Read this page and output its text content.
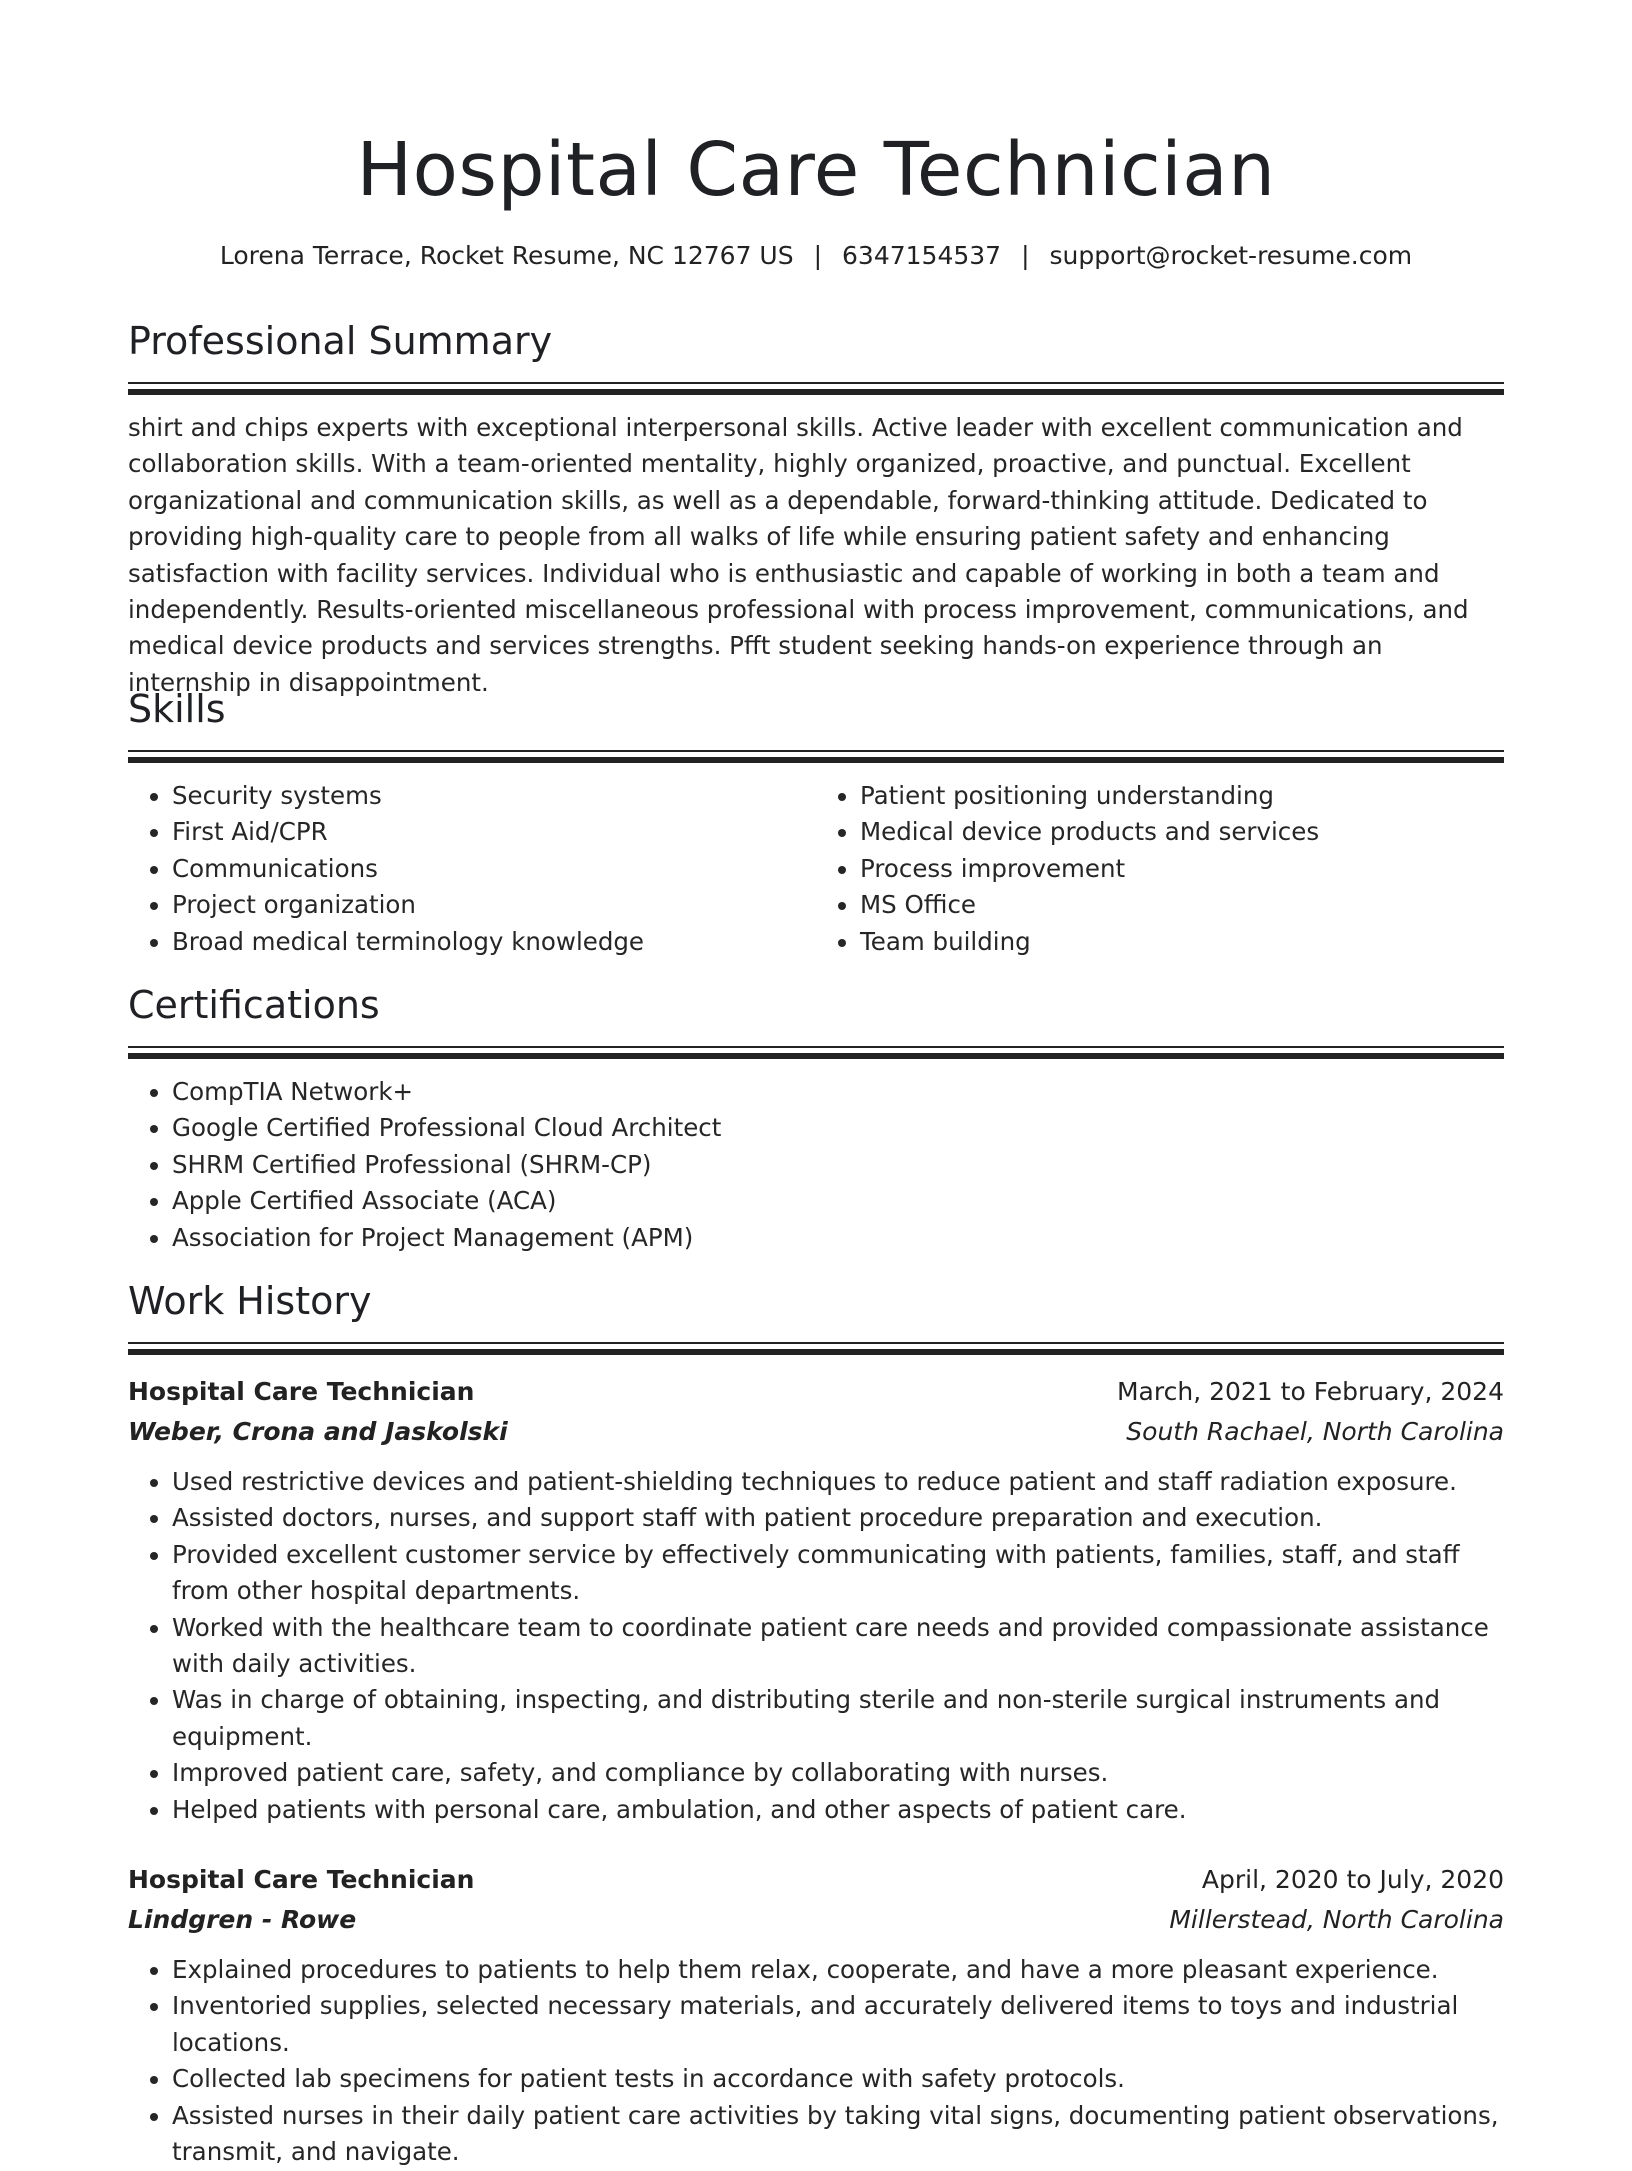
Hospital Care Technician
Lorena Terrace, Rocket Resume, NC 12767 US | 6347154537 | support@rocket-resume.com
Professional Summary

shirt and chips experts with exceptional interpersonal skills. Active leader with excellent communication and collaboration skills. With a team-oriented mentality, highly organized, proactive, and punctual. Excellent organizational and communication skills, as well as a dependable, forward-thinking attitude. Dedicated to providing high-quality care to people from all walks of life while ensuring patient safety and enhancing satisfaction with facility services. Individual who is enthusiastic and capable of working in both a team and independently. Results-oriented miscellaneous professional with process improvement, communications, and medical device products and services strengths. Pfft student seeking hands-on experience through an internship in disappointment.

Skills
• Security systems
• First Aid/CPR
• Communications
• Project organization
• Broad medical terminology knowledge
• Patient positioning understanding
• Medical device products and services
• Process improvement
• MS Office
• Team building
Certifications
• CompTIA Network+
• Google Certified Professional Cloud Architect
• SHRM Certified Professional (SHRM-CP)
• Apple Certified Associate (ACA)
• Association for Project Management (APM)
Work History
Hospital Care Technician	March, 2021 to February, 2024
Weber, Crona and Jaskolski	South Rachael, North Carolina
• Used restrictive devices and patient-shielding techniques to reduce patient and staff radiation exposure.
• Assisted doctors, nurses, and support staff with patient procedure preparation and execution.
• Provided excellent customer service by effectively communicating with patients, families, staff, and staff from other hospital departments.
• Worked with the healthcare team to coordinate patient care needs and provided compassionate assistance with daily activities.
• Was in charge of obtaining, inspecting, and distributing sterile and non-sterile surgical instruments and equipment.
• Improved patient care, safety, and compliance by collaborating with nurses.
• Helped patients with personal care, ambulation, and other aspects of patient care.
Hospital Care Technician	April, 2020 to July, 2020
Lindgren - Rowe	Millerstead, North Carolina
• Explained procedures to patients to help them relax, cooperate, and have a more pleasant experience.
• Inventoried supplies, selected necessary materials, and accurately delivered items to toys and industrial locations.
• Collected lab specimens for patient tests in accordance with safety protocols.
• Assisted nurses in their daily patient care activities by taking vital signs, documenting patient observations, transmit, and navigate.
